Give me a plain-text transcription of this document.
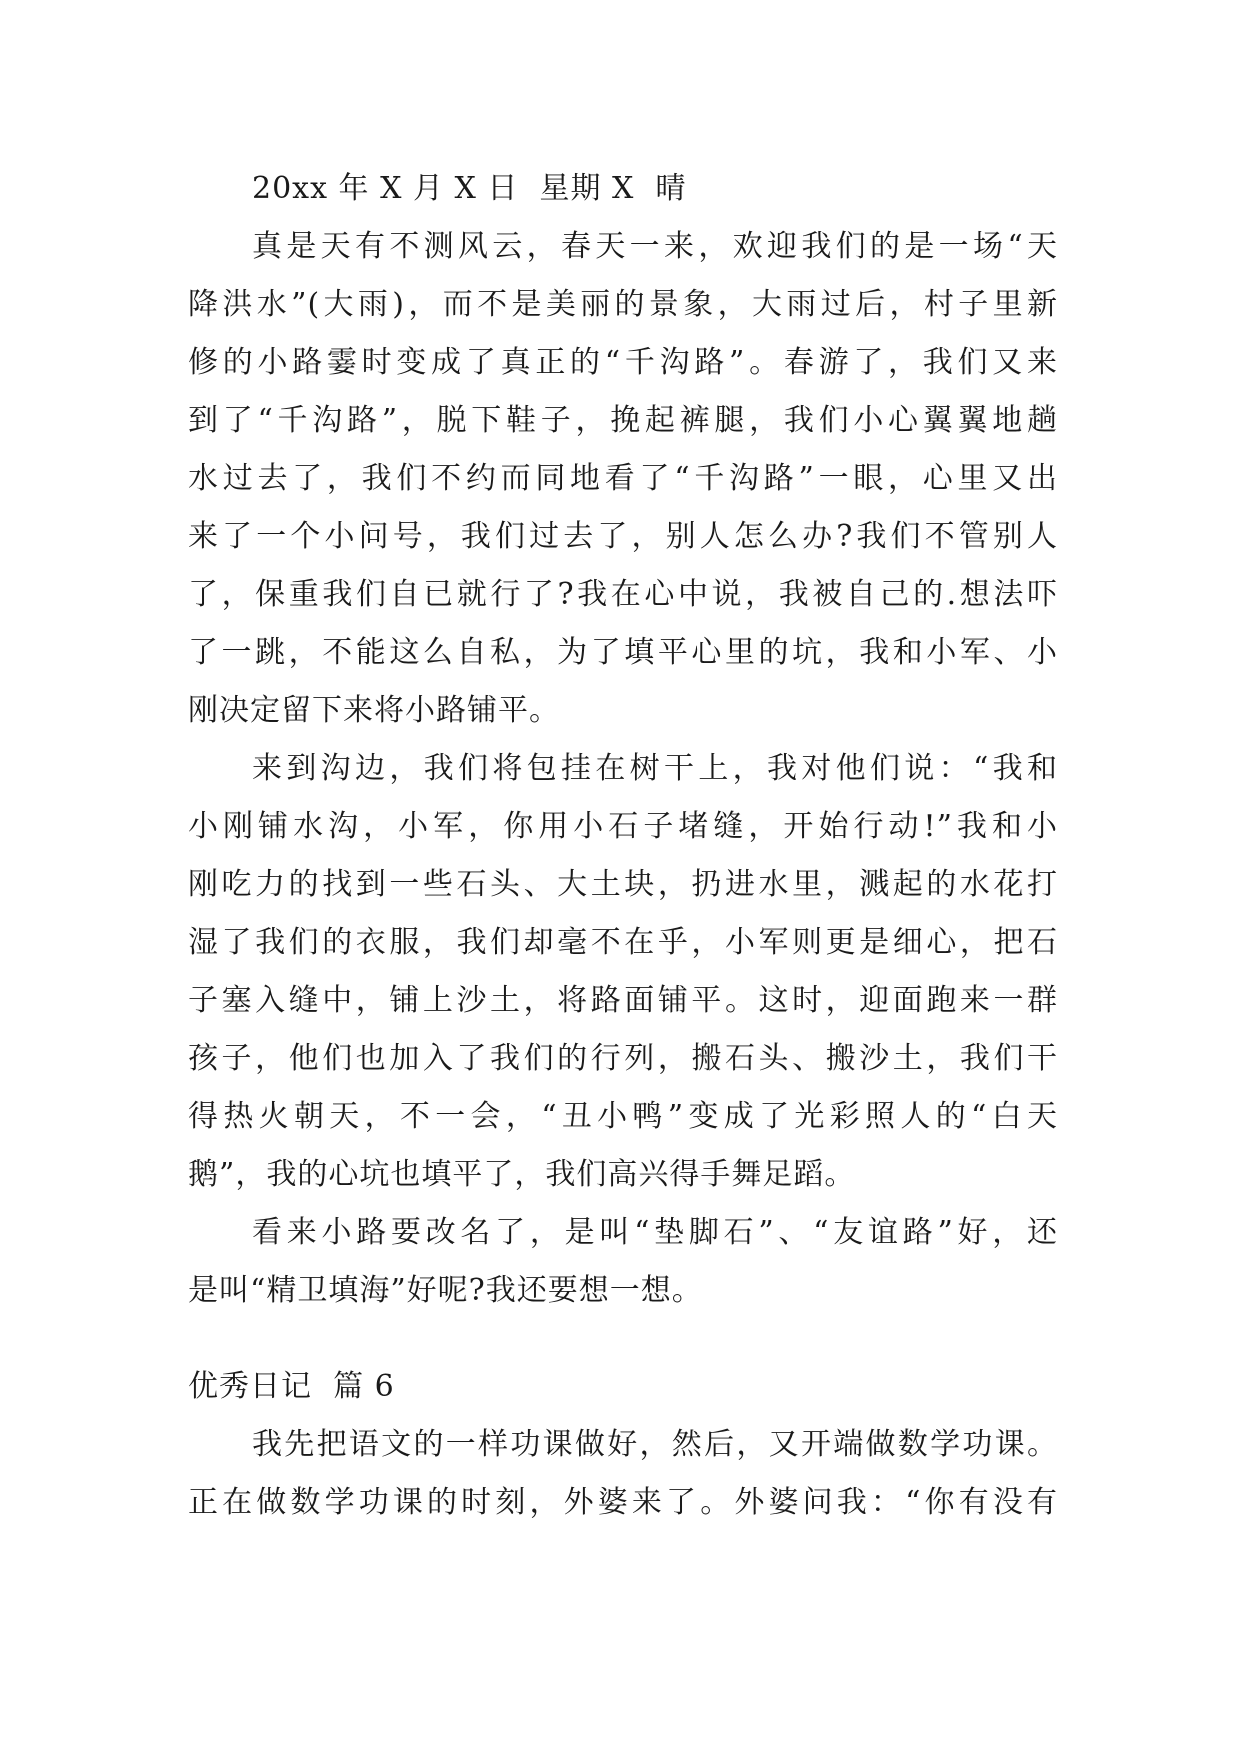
20xx 年 X 月 X 日  星期 X  晴
真是天有不测风云，春天一来，欢迎我们的是一场“天
降洪水”(大雨)，而不是美丽的景象，大雨过后，村子里新
修的小路霎时变成了真正的“千沟路”。春游了，我们又来
到了“千沟路”，脱下鞋子，挽起裤腿，我们小心翼翼地趟
水过去了，我们不约而同地看了“千沟路”一眼，心里又出
来了一个小问号，我们过去了，别人怎么办?我们不管别人
了，保重我们自已就行了?我在心中说，我被自己的.想法吓
了一跳，不能这么自私，为了填平心里的坑，我和小军、小
刚决定留下来将小路铺平。
来到沟边，我们将包挂在树干上，我对他们说：“我和
小刚铺水沟，小军，你用小石子堵缝，开始行动!”我和小
刚吃力的找到一些石头、大土块，扔进水里，溅起的水花打
湿了我们的衣服，我们却毫不在乎，小军则更是细心，把石
子塞入缝中，铺上沙土，将路面铺平。这时，迎面跑来一群
孩子，他们也加入了我们的行列，搬石头、搬沙土，我们干
得热火朝天，不一会，“丑小鸭”变成了光彩照人的“白天
鹅”，我的心坑也填平了，我们高兴得手舞足蹈。
看来小路要改名了，是叫“垫脚石”、“友谊路”好，还
是叫“精卫填海”好呢?我还要想一想。
优秀日记  篇 6
我先把语文的一样功课做好，然后，又开端做数学功课。
正在做数学功课的时刻，外婆来了。外婆问我：“你有没有
